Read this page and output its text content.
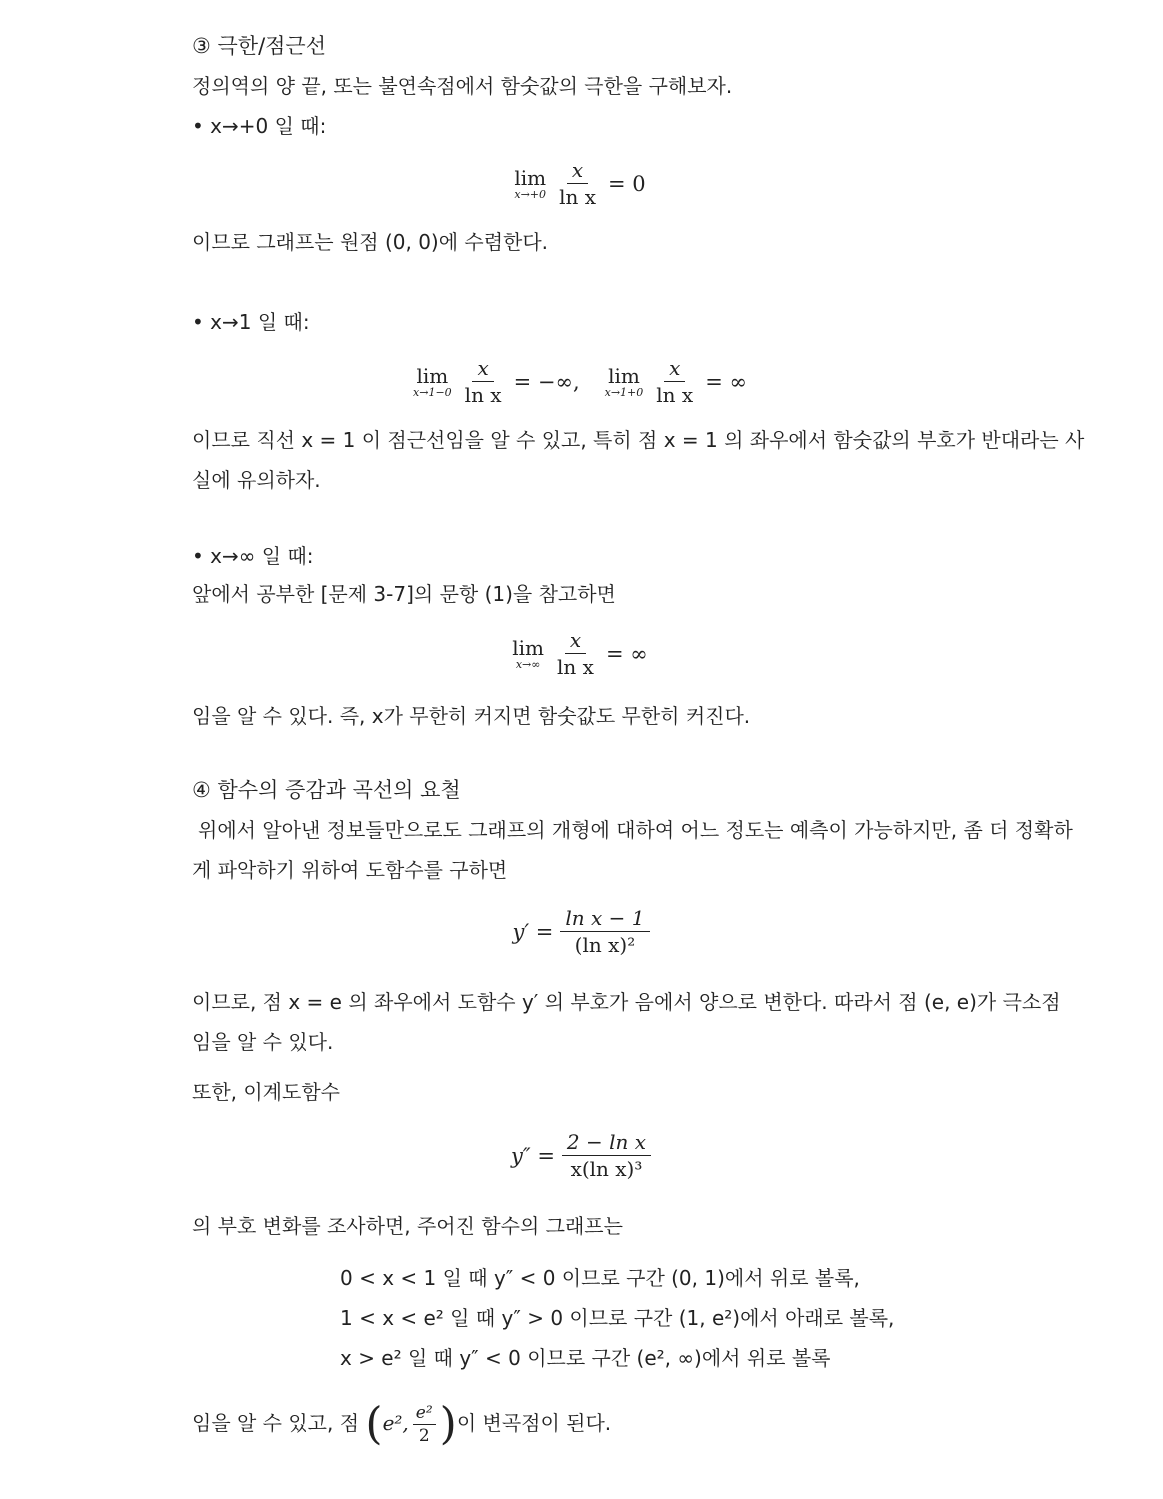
③ 극한/점근선
정의역의 양 끝, 또는 불연속점에서 함숫값의 극한을 구해보자.
• x→+0 일 때:
lim
$x\to+0 \frac{x}{\text{ln x}} = 0$
이므로 그래프는 원점 (0, 0)에 수렴한다.
• x→1 일 때:
lim
$x\to 1-0 \frac{x}{\text{ln x}}$ = −∞, lim
$x\to 1+0 \frac{x}{\text{ln x}}$ = ∞
이므로 직선 x = 1 이 점근선임을 알 수 있고, 특히 점 x = 1 의 좌우에서 함숫값의 부호가 반대라는 사
실에 유의하자.
• x→∞ 일 때:
앞에서 공부한 [문제 3-7]의 문항 (1)을 참고하면
lim
$x\to\infty \frac{x}{\text{ln x}}$ = ∞
임을 알 수 있다. 즉, x가 무한히 커지면 함숫값도 무한히 커진다.
④ 함수의 증감과 곡선의 요철
위에서 알아낸 정보들만으로도 그래프의 개형에 대하여 어느 정도는 예측이 가능하지만, 좀 더 정확하
게 파악하기 위하여 도함수를 구하면
$y' = \frac{\text{ln x − 1}}{\text{(ln x)²}}$
이므로, 점 x = e 의 좌우에서 도함수 y′ 의 부호가 음에서 양으로 변한다. 따라서 점 (e, e)가 극소점
임을 알 수 있다.
또한, 이계도함수
$y'' = \frac{\text{2 − ln x}}{\text{x(ln x)³}}$
의 부호 변화를 조사하면, 주어진 함수의 그래프는
0 < x < 1 일 때 y″ < 0 이므로 구간 (0, 1)에서 위로 볼록,
1 < x < e² 일 때 y″ > 0 이므로 구간 (1, e²)에서 아래로 볼록,
x > e² 일 때 y″ < 0 이므로 구간 (e², ∞)에서 위로 볼록
임을 알 수 있고, 점 (e², $\frac{\text{e²}}{2}$ )이 변곡점이 된다.
